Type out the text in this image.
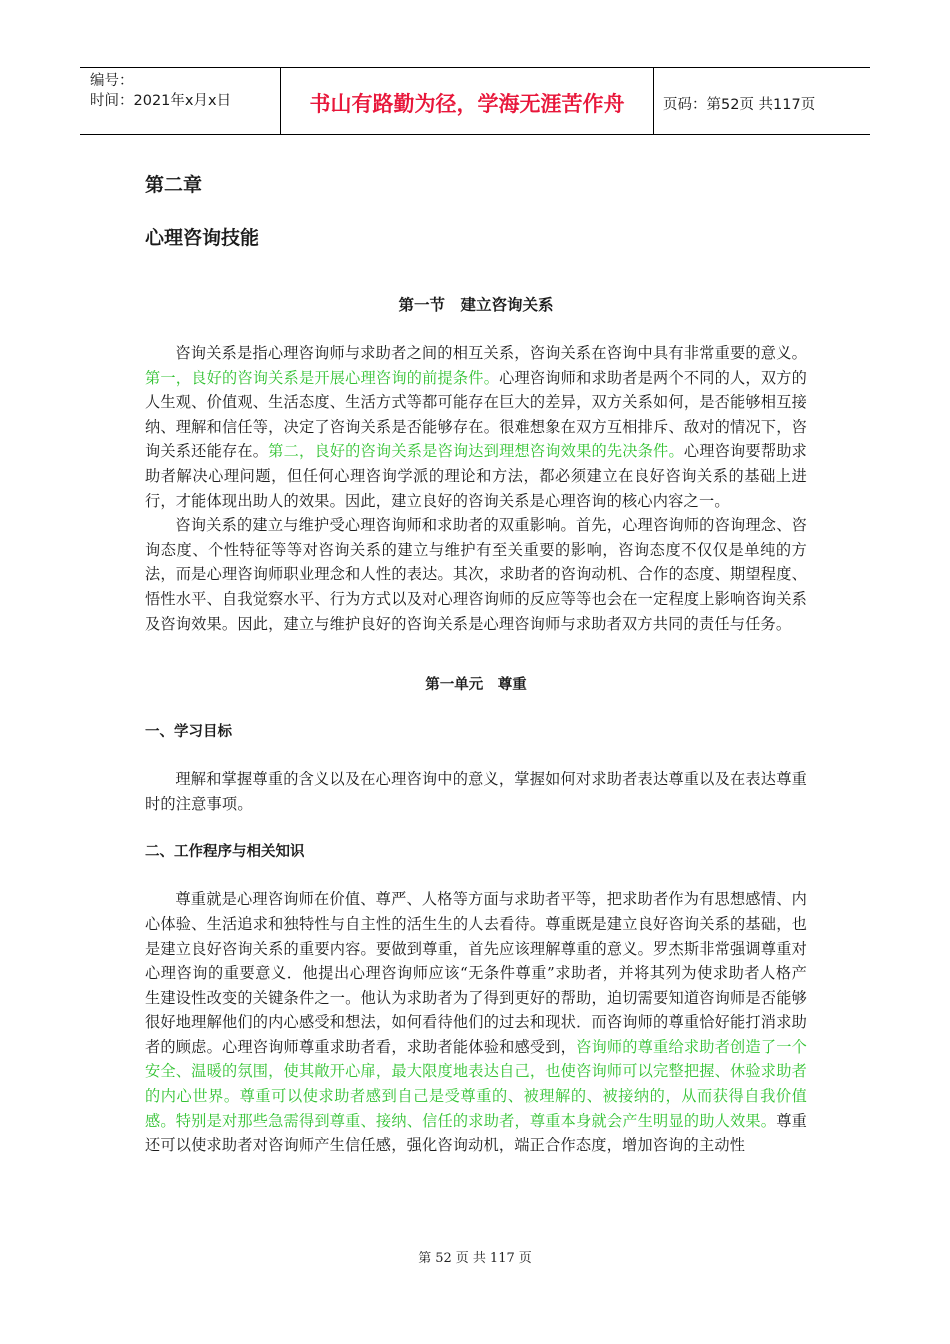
编号：
时间：2021年x月x日	书山有路勤为径，学海无涯苦作舟	页码：第52页 共117页
第二章
心理咨询技能
第一节　建立咨询关系

咨询关系是指心理咨询师与求助者之间的相互关系，咨询关系在咨询中具有非常重要的意义。第一，良好的咨询关系是开展心理咨询的前提条件。心理咨询师和求助者是两个不同的人，双方的人生观、价值观、生活态度、生活方式等都可能存在巨大的差异，双方关系如何，是否能够相互接纳、理解和信任等，决定了咨询关系是否能够存在。很难想象在双方互相排斥、敌对的情况下，咨询关系还能存在。第二，良好的咨询关系是咨询达到理想咨询效果的先决条件。心理咨询要帮助求助者解决心理问题，但任何心理咨询学派的理论和方法，都必须建立在良好咨询关系的基础上进行，才能体现出助人的效果。因此，建立良好的咨询关系是心理咨询的核心内容之一。

咨询关系的建立与维护受心理咨询师和求助者的双重影响。首先，心理咨询师的咨询理念、咨询态度、个性特征等等对咨询关系的建立与维护有至关重要的影响，咨询态度不仅仅是单纯的方法，而是心理咨询师职业理念和人性的表达。其次，求助者的咨询动机、合作的态度、期望程度、悟性水平、自我觉察水平、行为方式以及对心理咨询师的反应等等也会在一定程度上影响咨询关系及咨询效果。因此，建立与维护良好的咨询关系是心理咨询师与求助者双方共同的责任与任务。

第一单元　尊重
一、学习目标

理解和掌握尊重的含义以及在心理咨询中的意义，掌握如何对求助者表达尊重以及在表达尊重时的注意事项。

二、工作程序与相关知识

尊重就是心理咨询师在价值、尊严、人格等方面与求助者平等，把求助者作为有思想感情、内心体验、生活追求和独特性与自主性的活生生的人去看待。尊重既是建立良好咨询关系的基础，也是建立良好咨询关系的重要内容。要做到尊重，首先应该理解尊重的意义。罗杰斯非常强调尊重对心理咨询的重要意义．他提出心理咨询师应该“无条件尊重”求助者，并将其列为使求助者人格产生建设性改变的关键条件之一。他认为求助者为了得到更好的帮助，迫切需要知道咨询师是否能够很好地理解他们的内心感受和想法，如何看待他们的过去和现状．而咨询师的尊重恰好能打消求助者的顾虑。心理咨询师尊重求助者看，求助者能体验和感受到，咨询师的尊重给求助者创造了一个安全、温暖的氛围，使其敞开心扉，最大限度地表达自己，也使咨询师可以完整把握、休验求助者的内心世界。尊重可以使求助者感到自己是受尊重的、被理解的、被接纳的，从而获得自我价值感。特别是对那些急需得到尊重、接纳、信任的求助者，尊重本身就会产生明显的助人效果。尊重还可以使求助者对咨询师产生信任感，强化咨询动机，端正合作态度，增加咨询的主动性

第 52 页 共 117 页
